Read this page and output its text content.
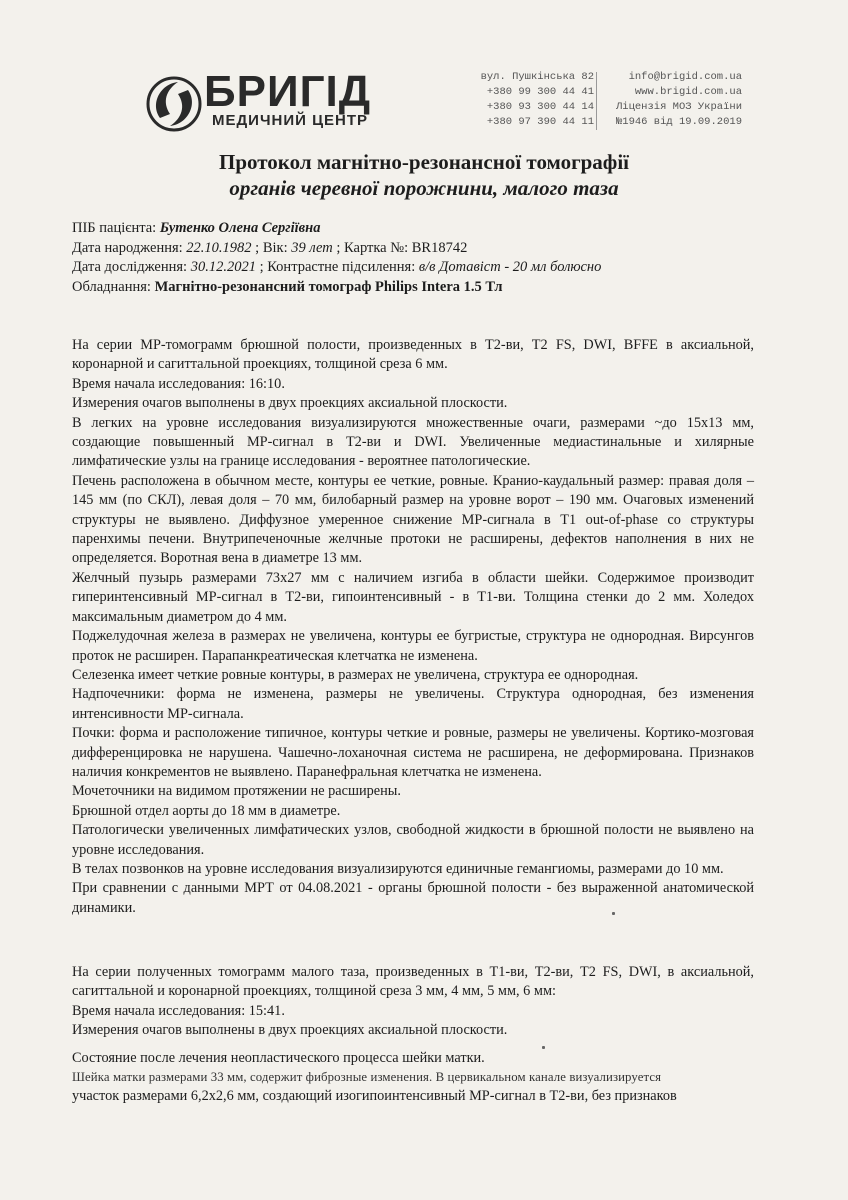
БРИГІД
МЕДИЧНИЙ ЦЕНТР
вул. Пушкінська 82
+380 99 300 44 41
+380 93 300 44 14
+380 97 390 44 11
info@brigid.com.ua
www.brigid.com.ua
Ліцензія МОЗ України
№1946 від 19.09.2019
Протокол магнітно-резонансної томографії
органів черевної порожнини, малого таза
ПІБ пацієнта: Бутенко Олена Сергіївна
Дата народження: 22.10.1982 ; Вік: 39 лет ; Картка №: BR18742
Дата дослідження: 30.12.2021 ; Контрастне підсилення: в/в Дотавіст - 20 мл болюсно
Обладнання: Магнітно-резонансний томограф Philips Intera 1.5 Тл

На серии МР-томограмм брюшной полости, произведенных в Т2-ви, Т2 FS, DWI, BFFE в аксиальной, коронарной и сагиттальной проекциях, толщиной среза 6 мм.

Время начала исследования: 16:10.

Измерения очагов выполнены в двух проекциях аксиальной плоскости.

В легких на уровне исследования визуализируются множественные очаги, размерами ~до 15х13 мм, создающие повышенный МР-сигнал в Т2-ви и DWI. Увеличенные медиастинальные и хилярные лимфатические узлы на границе исследования - вероятнее патологические.

Печень расположена в обычном месте, контуры ее четкие, ровные. Кранио-каудальный размер: правая доля – 145 мм (по СКЛ), левая доля – 70 мм, билобарный размер на уровне ворот – 190 мм. Очаговых изменений структуры не выявлено. Диффузное умеренное снижение МР-сигнала в Т1 out-of-phase со структуры паренхимы печени. Внутрипеченочные желчные протоки не расширены, дефектов наполнения в них не определяется. Воротная вена в диаметре 13 мм.

Желчный пузырь размерами 73х27 мм с наличием изгиба в области шейки. Содержимое производит гиперинтенсивный МР-сигнал в Т2-ви, гипоинтенсивный - в Т1-ви. Толщина стенки до 2 мм. Холедох максимальным диаметром до 4 мм.

Поджелудочная железа в размерах не увеличена, контуры ее бугристые, структура не однородная. Вирсунгов проток не расширен. Парапанкреатическая клетчатка не изменена.

Селезенка имеет четкие ровные контуры, в размерах не увеличена, структура ее однородная.

Надпочечники: форма не изменена, размеры не увеличены. Структура однородная, без изменения интенсивности МР-сигнала.

Почки: форма и расположение типичное, контуры четкие и ровные, размеры не увеличены. Кортико-мозговая дифференцировка не нарушена. Чашечно-лоханочная система не расширена, не деформирована. Признаков наличия конкрементов не выявлено. Паранефральная клетчатка не изменена.

Мочеточники на видимом протяжении не расширены.

Брюшной отдел аорты до 18 мм в диаметре.

Патологически увеличенных лимфатических узлов, свободной жидкости в брюшной полости не выявлено на уровне исследования.

В телах позвонков на уровне исследования визуализируются единичные гемангиомы, размерами до 10 мм.

При сравнении с данными МРТ от 04.08.2021 - органы брюшной полости - без выраженной анатомической динамики.

На серии полученных томограмм малого таза, произведенных в Т1-ви, Т2-ви, Т2 FS, DWI, в аксиальной, сагиттальной и коронарной проекциях, толщиной среза 3 мм, 4 мм, 5 мм, 6 мм:

Время начала исследования: 15:41.

Измерения очагов выполнены в двух проекциях аксиальной плоскости.

Состояние после лечения неопластического процесса шейки матки.

Шейка матки размерами 33 мм, содержит фиброзные изменения. В цервикальном канале визуализируется

участок размерами 6,2х2,6 мм, создающий изогипоинтенсивный МР-сигнал в Т2-ви, без признаков
